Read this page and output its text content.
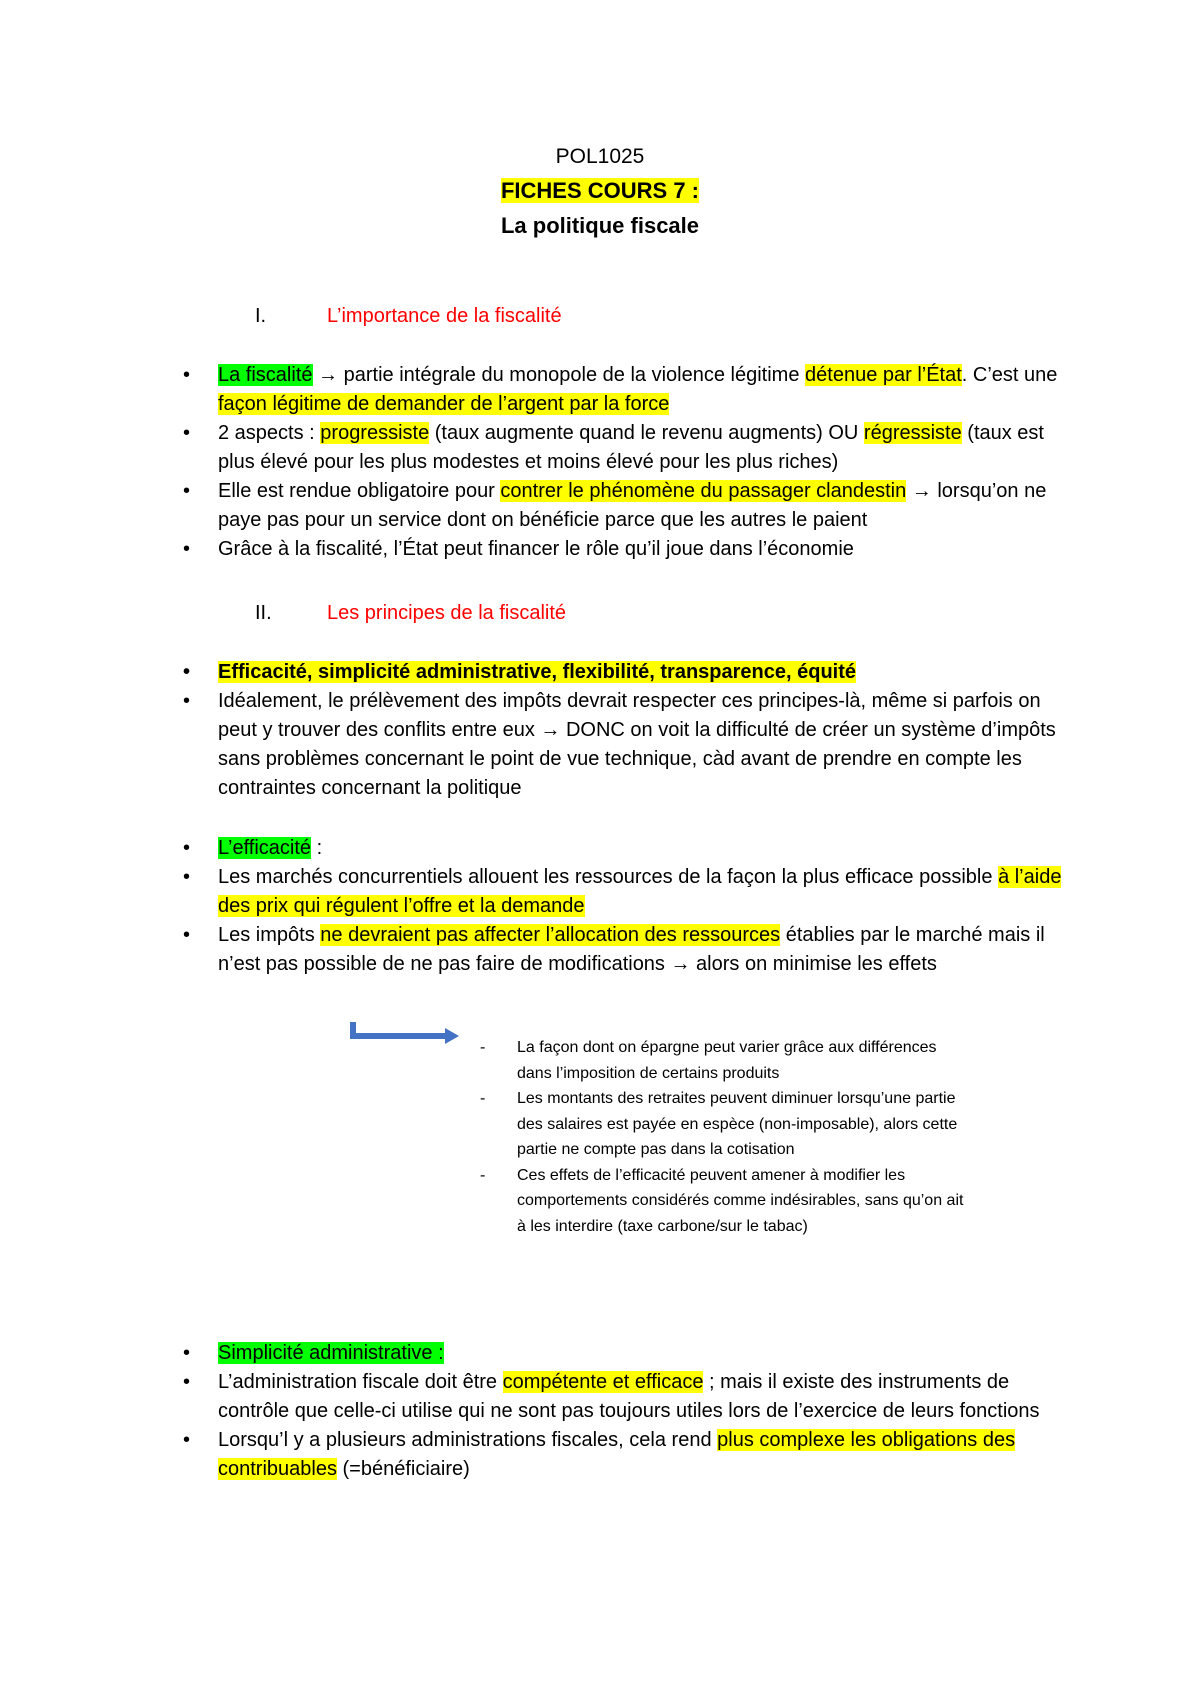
POL1025
FICHES COURS 7 :
La politique fiscale
I.	L’importance de la fiscalité
• La fiscalité → partie intégrale du monopole de la violence légitime détenue par l’État. C’est une façon légitime de demander de l’argent par la force
• 2 aspects : progressiste (taux augmente quand le revenu augments) OU régressiste (taux est plus élevé pour les plus modestes et moins élevé pour les plus riches)
• Elle est rendue obligatoire pour contrer le phénomène du passager clandestin → lorsqu’on ne paye pas pour un service dont on bénéficie parce que les autres le paient
• Grâce à la fiscalité, l’État peut financer le rôle qu’il joue dans l’économie
II.	Les principes de la fiscalité
• Efficacité, simplicité administrative, flexibilité, transparence, équité
• Idéalement, le prélèvement des impôts devrait respecter ces principes-là, même si parfois on peut y trouver des conflits entre eux → DONC on voit la difficulté de créer un système d’impôts sans problèmes concernant le point de vue technique, càd avant de prendre en compte les contraintes concernant la politique
• L’efficacité :
• Les marchés concurrentiels allouent les ressources de la façon la plus efficace possible à l’aide des prix qui régulent l’offre et la demande
• Les impôts ne devraient pas affecter l’allocation des ressources établies par le marché mais il n’est pas possible de ne pas faire de modifications → alors on minimise les effets
- La façon dont on épargne peut varier grâce aux différences dans l’imposition de certains produits
- Les montants des retraites peuvent diminuer lorsqu’une partie des salaires est payée en espèce (non-imposable), alors cette partie ne compte pas dans la cotisation
- Ces effets de l’efficacité peuvent amener à modifier les comportements considérés comme indésirables, sans qu’on ait à les interdire (taxe carbone/sur le tabac)
• Simplicité administrative :
• L’administration fiscale doit être compétente et efficace ; mais il existe des instruments de contrôle que celle-ci utilise qui ne sont pas toujours utiles lors de l’exercice de leurs fonctions
• Lorsqu’l y a plusieurs administrations fiscales, cela rend plus complexe les obligations des contribuables (=bénéficiaire)
